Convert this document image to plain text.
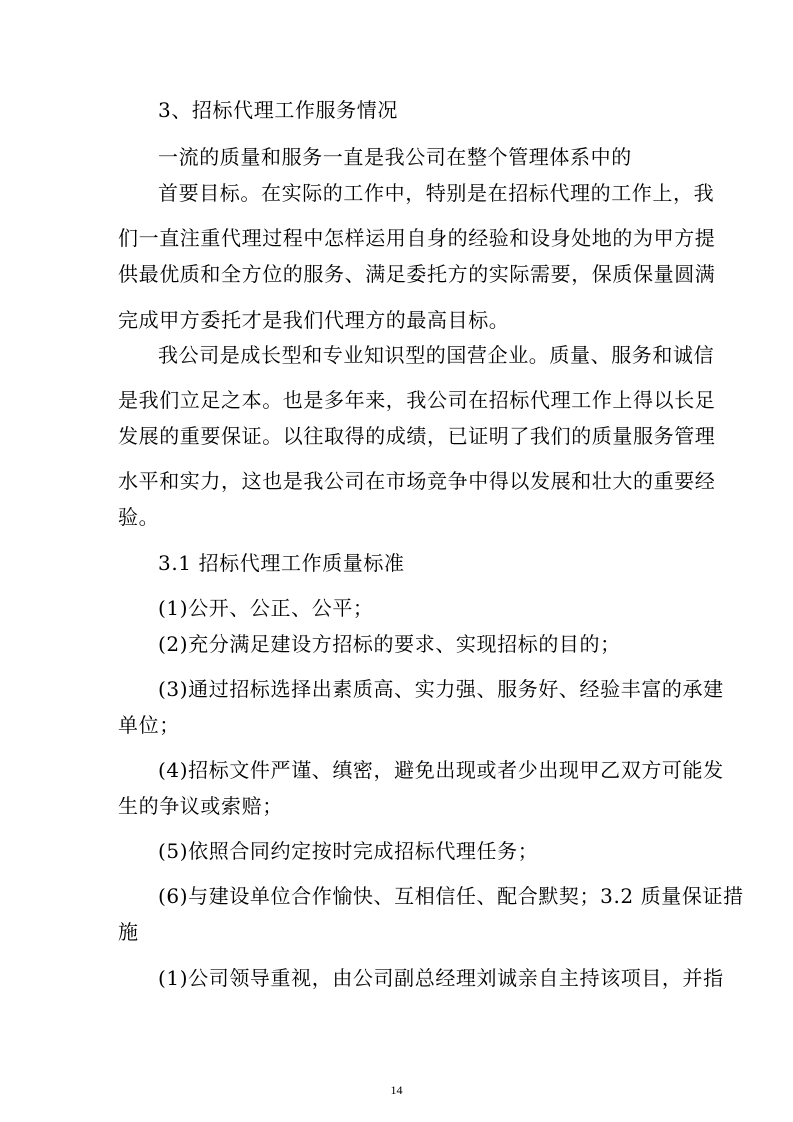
3、招标代理工作服务情况
一流的质量和服务一直是我公司在整个管理体系中的
首要目标。在实际的工作中，特别是在招标代理的工作上，我
们一直注重代理过程中怎样运用自身的经验和设身处地的为甲方提
供最优质和全方位的服务、满足委托方的实际需要，保质保量圆满
完成甲方委托才是我们代理方的最高目标。
我公司是成长型和专业知识型的国营企业。质量、服务和诚信
是我们立足之本。也是多年来，我公司在招标代理工作上得以长足
发展的重要保证。以往取得的成绩，已证明了我们的质量服务管理
水平和实力，这也是我公司在市场竞争中得以发展和壮大的重要经
验。
3.1 招标代理工作质量标准
(1)公开、公正、公平；
(2)充分满足建设方招标的要求、实现招标的目的；
(3)通过招标选择出素质高、实力强、服务好、经验丰富的承建
单位；
(4)招标文件严谨、缜密，避免出现或者少出现甲乙双方可能发
生的争议或索赔；
(5)依照合同约定按时完成招标代理任务；
(6)与建设单位合作愉快、互相信任、配合默契；3.2 质量保证措
施
(1)公司领导重视，由公司副总经理刘诚亲自主持该项目，并指
14
